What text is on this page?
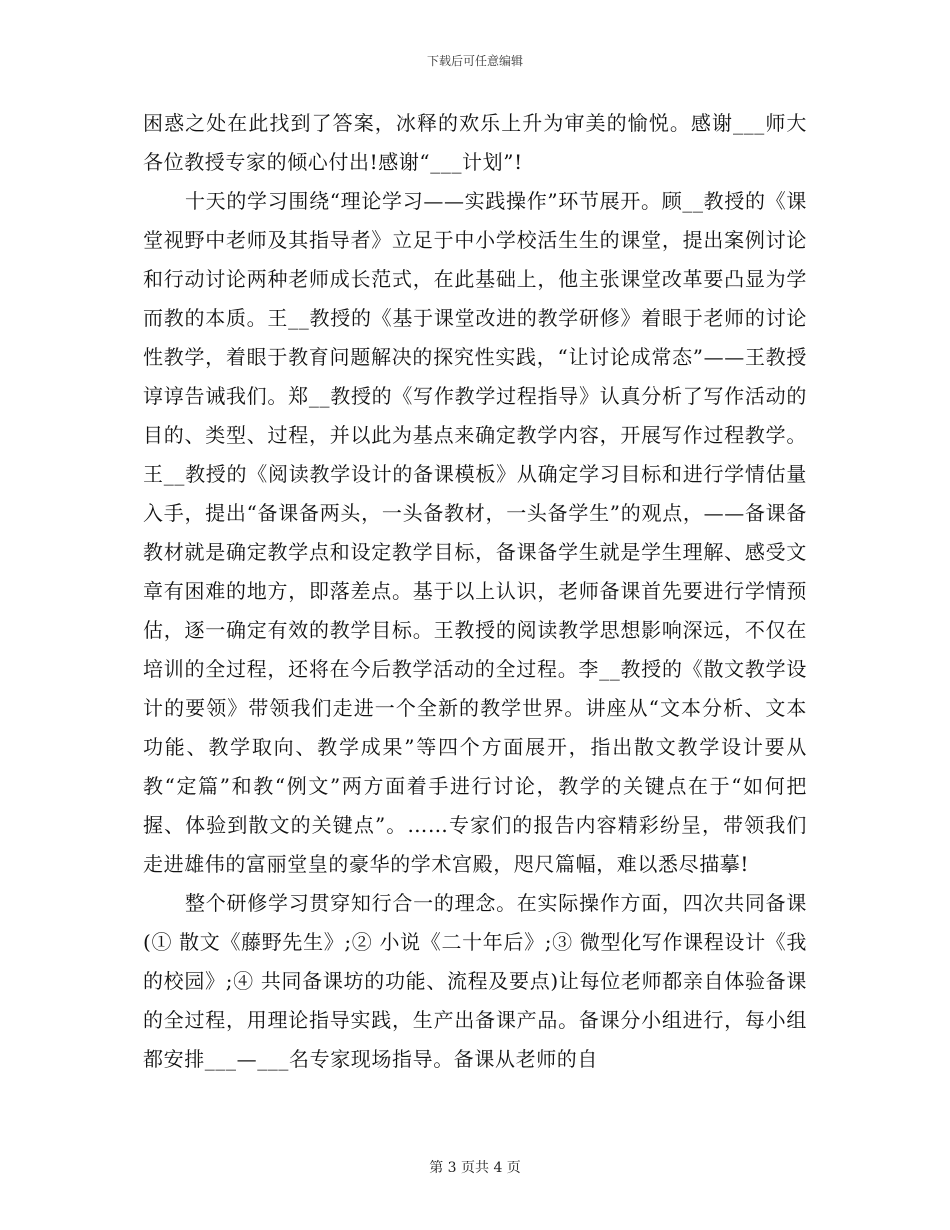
下载后可任意编辑

困惑之处在此找到了答案，冰释的欢乐上升为审美的愉悦。感谢___师大各位教授专家的倾心付出!感谢“___计划”!

十天的学习围绕“理论学习——实践操作”环节展开。顾__教授的《课堂视野中老师及其指导者》立足于中小学校活生生的课堂，提出案例讨论和行动讨论两种老师成长范式，在此基础上，他主张课堂改革要凸显为学而教的本质。王__教授的《基于课堂改进的教学研修》着眼于老师的讨论性教学，着眼于教育问题解决的探究性实践，“让讨论成常态”——王教授谆谆告诫我们。郑__教授的《写作教学过程指导》认真分析了写作活动的目的、类型、过程，并以此为基点来确定教学内容，开展写作过程教学。王__教授的《阅读教学设计的备课模板》从确定学习目标和进行学情估量入手，提出“备课备两头，一头备教材，一头备学生”的观点，——备课备教材就是确定教学点和设定教学目标，备课备学生就是学生理解、感受文章有困难的地方，即落差点。基于以上认识，老师备课首先要进行学情预估，逐一确定有效的教学目标。王教授的阅读教学思想影响深远，不仅在培训的全过程，还将在今后教学活动的全过程。李__教授的《散文教学设计的要领》带领我们走进一个全新的教学世界。讲座从“文本分析、文本功能、教学取向、教学成果”等四个方面展开，指出散文教学设计要从教“定篇”和教“例文”两方面着手进行讨论，教学的关键点在于“如何把握、体验到散文的关键点”。……专家们的报告内容精彩纷呈，带领我们走进雄伟的富丽堂皇的豪华的学术宫殿，咫尺篇幅，难以悉尽描摹!

整个研修学习贯穿知行合一的理念。在实际操作方面，四次共同备课(① 散文《藤野先生》;② 小说《二十年后》;③ 微型化写作课程设计《我的校园》;④ 共同备课坊的功能、流程及要点)让每位老师都亲自体验备课的全过程，用理论指导实践，生产出备课产品。备课分小组进行，每小组都安排___—___名专家现场指导。备课从老师的自

第 3 页共 4 页
